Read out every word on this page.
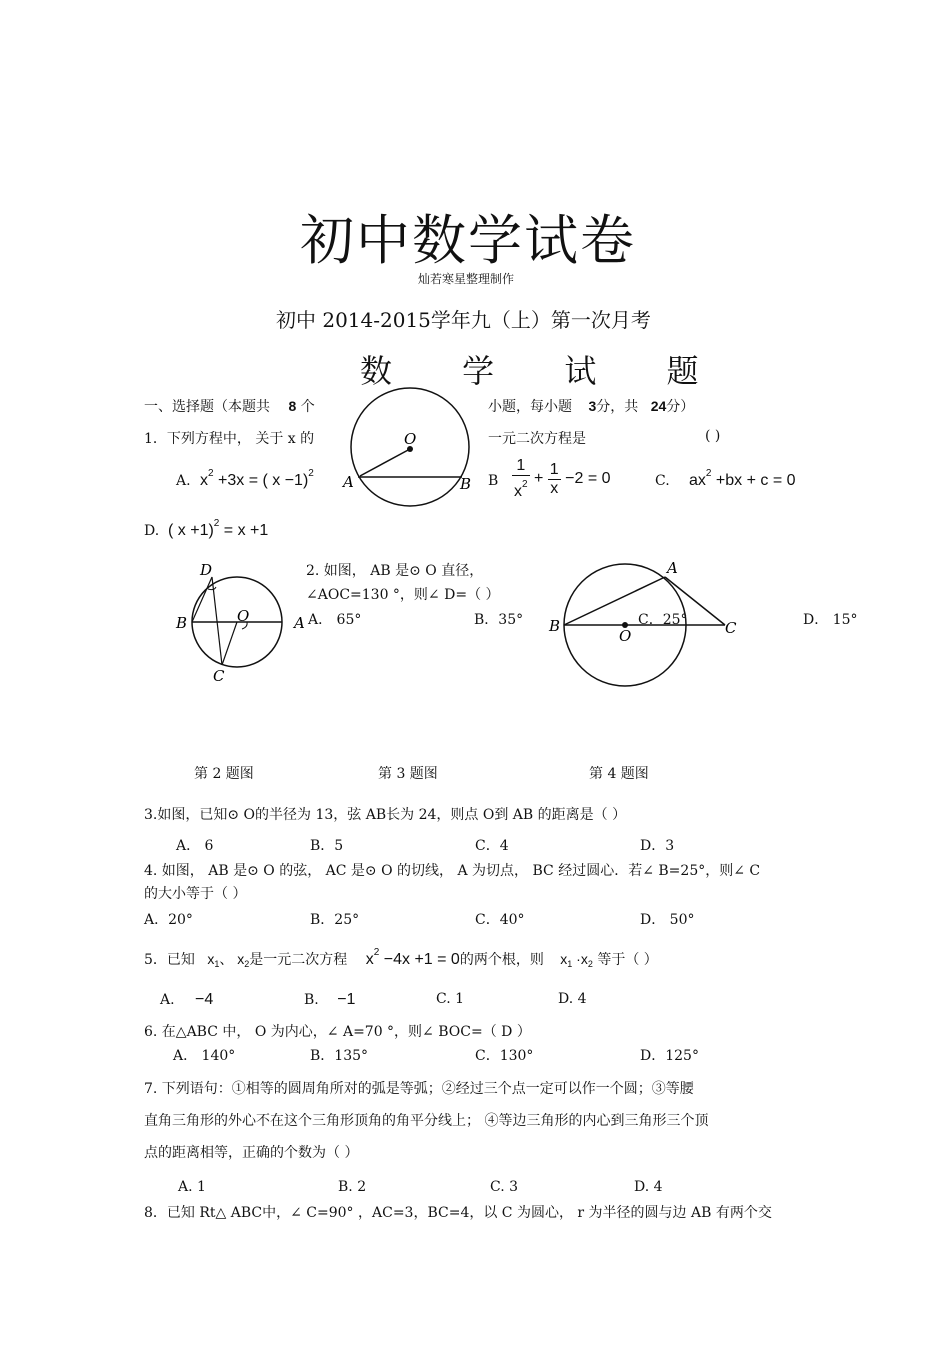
初中数学试卷
灿若寒星整理制作
初中 2014-2015学年九（上）第一次月考
数 学 试 题
一、选择题（本题共 8 个	小题，每小题 3分，共 24分）
O
A	B
1．下列方程中， 关于 x 的	一元二次方程是	( )
A. $x^2 +3x$ = ( x −1)$^2$	B $\frac{1}{x^2} + \frac{1}{x} -2 = 0$	C. $ax^2 +bx + c = 0$
D. ( x +1)$^2$ = x +1
D
B	O	A
C
2. 如图， AB 是⊙ O 直径，
∠AOC=130 °，则∠ D=（ ）
A． 65°	B．35°	C．25°	D． 15°
A
B
O	C
第 2 题图	第 3 题图	第 4 题图
3.如图，已知⊙ O的半径为 13，弦 AB长为 24，则点 O到 AB 的距离是（ ）
A． 6	B．5	C．4	D．3
4. 如图， AB 是⊙ O 的弦， AC 是⊙ O 的切线， A 为切点， BC 经过圆心．若∠ B=25°，则∠ C
的大小等于（ ）
A．20°	B．25°	C．40°	D． 50°
5．已知 $x_1$、 $x_2$是一元二次方程 $x^2 -4x +1 = 0$的两个根，则 $x_1 \cdot x_2$ 等于（ ）
A. −4	B. −1	C. 1	D. 4
6. 在△ABC 中， O 为内心，∠ A=70 °，则∠ BOC=（ D ）
A． 140°	B．135°	C．130°	D．125°
7. 下列语句：①相等的圆周角所对的弧是等弧；②经过三个点一定可以作一个圆；③等腰
直角三角形的外心不在这个三角形顶角的角平分线上； ④等边三角形的内心到三角形三个顶
点的距离相等，正确的个数为（ ）
A. 1	B. 2	C. 3	D. 4
8．已知 Rt△ ABC中，∠ C=90° ，AC=3，BC=4，以 C 为圆心， r 为半径的圆与边 AB 有两个交
